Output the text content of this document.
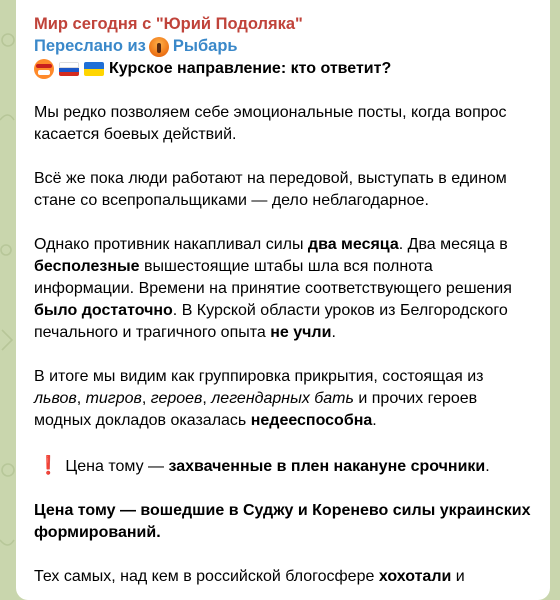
Мир сегодня с "Юрий Подоляка"
Переслано из Рыбарь
Курское направление: кто ответит?

Мы редко позволяем себе эмоциональные посты, когда вопрос касается боевых действий.

Всё же пока люди работают на передовой, выступать в едином стане со всепропальщиками — дело неблагодарное.

Однако противник накапливал силы два месяца. Два месяца в бесполезные вышестоящие штабы шла вся полнота информации. Времени на принятие соответствующего решения было достаточно. В Курской области уроков из Белгородского печального и трагичного опыта не учли.

В итоге мы видим как группировка прикрытия, состоящая из львов, тигров, героев, легендарных бать и прочих героев модных докладов оказалась недееспособна.

❗ Цена тому — захваченные в плен накануне срочники.

Цена тому — вошедшие в Суджу и Коренево силы украинских формирований.

Тех самых, над кем в российской блогосфере хохотали и
